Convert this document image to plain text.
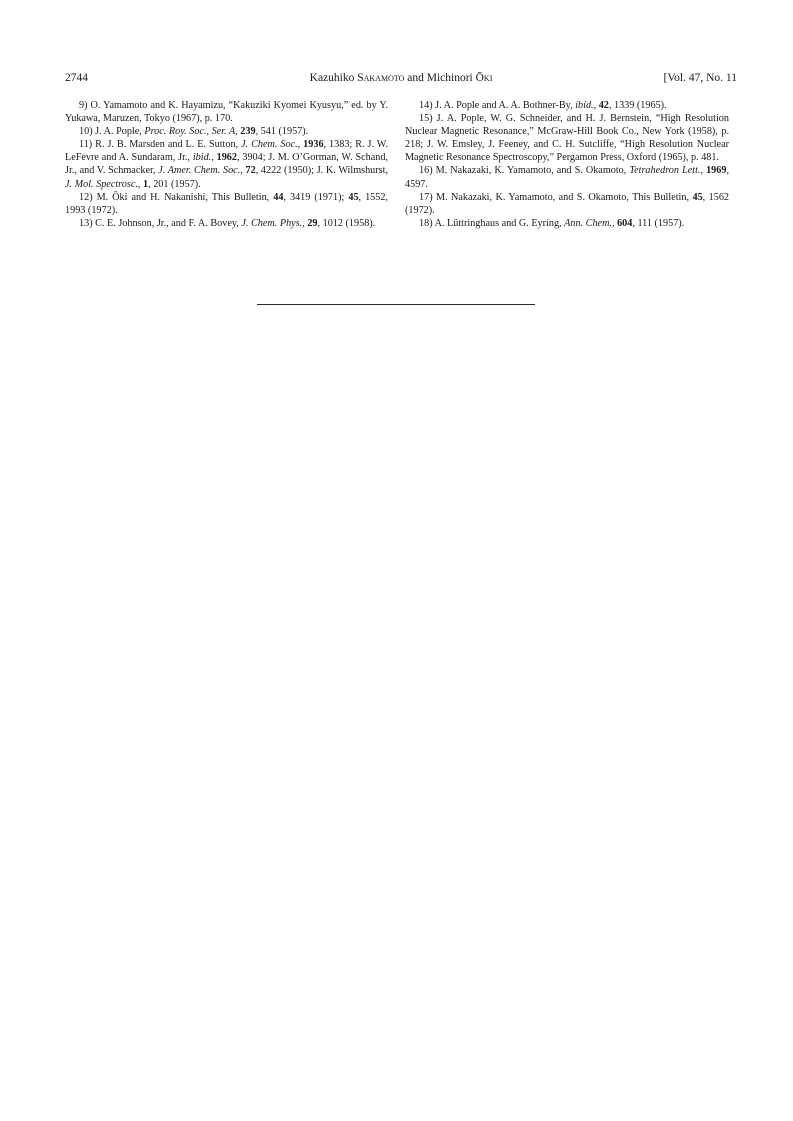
2744	Kazuhiko Sakamoto and Michinori Ōki	[Vol. 47, No. 11

9) O. Yamamoto and K. Hayamizu, “Kakuziki Kyomei Kyusyu,” ed. by Y. Yukawa, Maruzen, Tokyo (1967), p. 170.

10) J. A. Pople, Proc. Roy. Soc., Ser. A, 239, 541 (1957).

11) R. J. B. Marsden and L. E. Sutton, J. Chem. Soc., 1936, 1383; R. J. W. LeFevre and A. Sundaram, Jr., ibid., 1962, 3904; J. M. O’Gorman, W. Schand, Jr., and V. Schmacker, J. Amer. Chem. Soc., 72, 4222 (1950); J. K. Wilmshurst, J. Mol. Spectrosc., 1, 201 (1957).

12) M. Ōki and H. Nakanishi, This Bulletin, 44, 3419 (1971); 45, 1552, 1993 (1972).

13) C. E. Johnson, Jr., and F. A. Bovey, J. Chem. Phys., 29, 1012 (1958).

14) J. A. Pople and A. A. Bothner-By, ibid., 42, 1339 (1965).

15) J. A. Pople, W. G. Schneider, and H. J. Bernstein, “High Resolution Nuclear Magnetic Resonance,” McGraw-Hill Book Co., New York (1958), p. 218; J. W. Emsley, J. Feeney, and C. H. Sutcliffe, “High Resolution Nuclear Magnetic Resonance Spectroscopy,” Pergamon Press, Oxford (1965), p. 481.

16) M. Nakazaki, K. Yamamoto, and S. Okamoto, Tetrahedron Lett., 1969, 4597.

17) M. Nakazaki, K. Yamamoto, and S. Okamoto, This Bulletin, 45, 1562 (1972).

18) A. Lüttringhaus and G. Eyring, Ann. Chem., 604, 111 (1957).
